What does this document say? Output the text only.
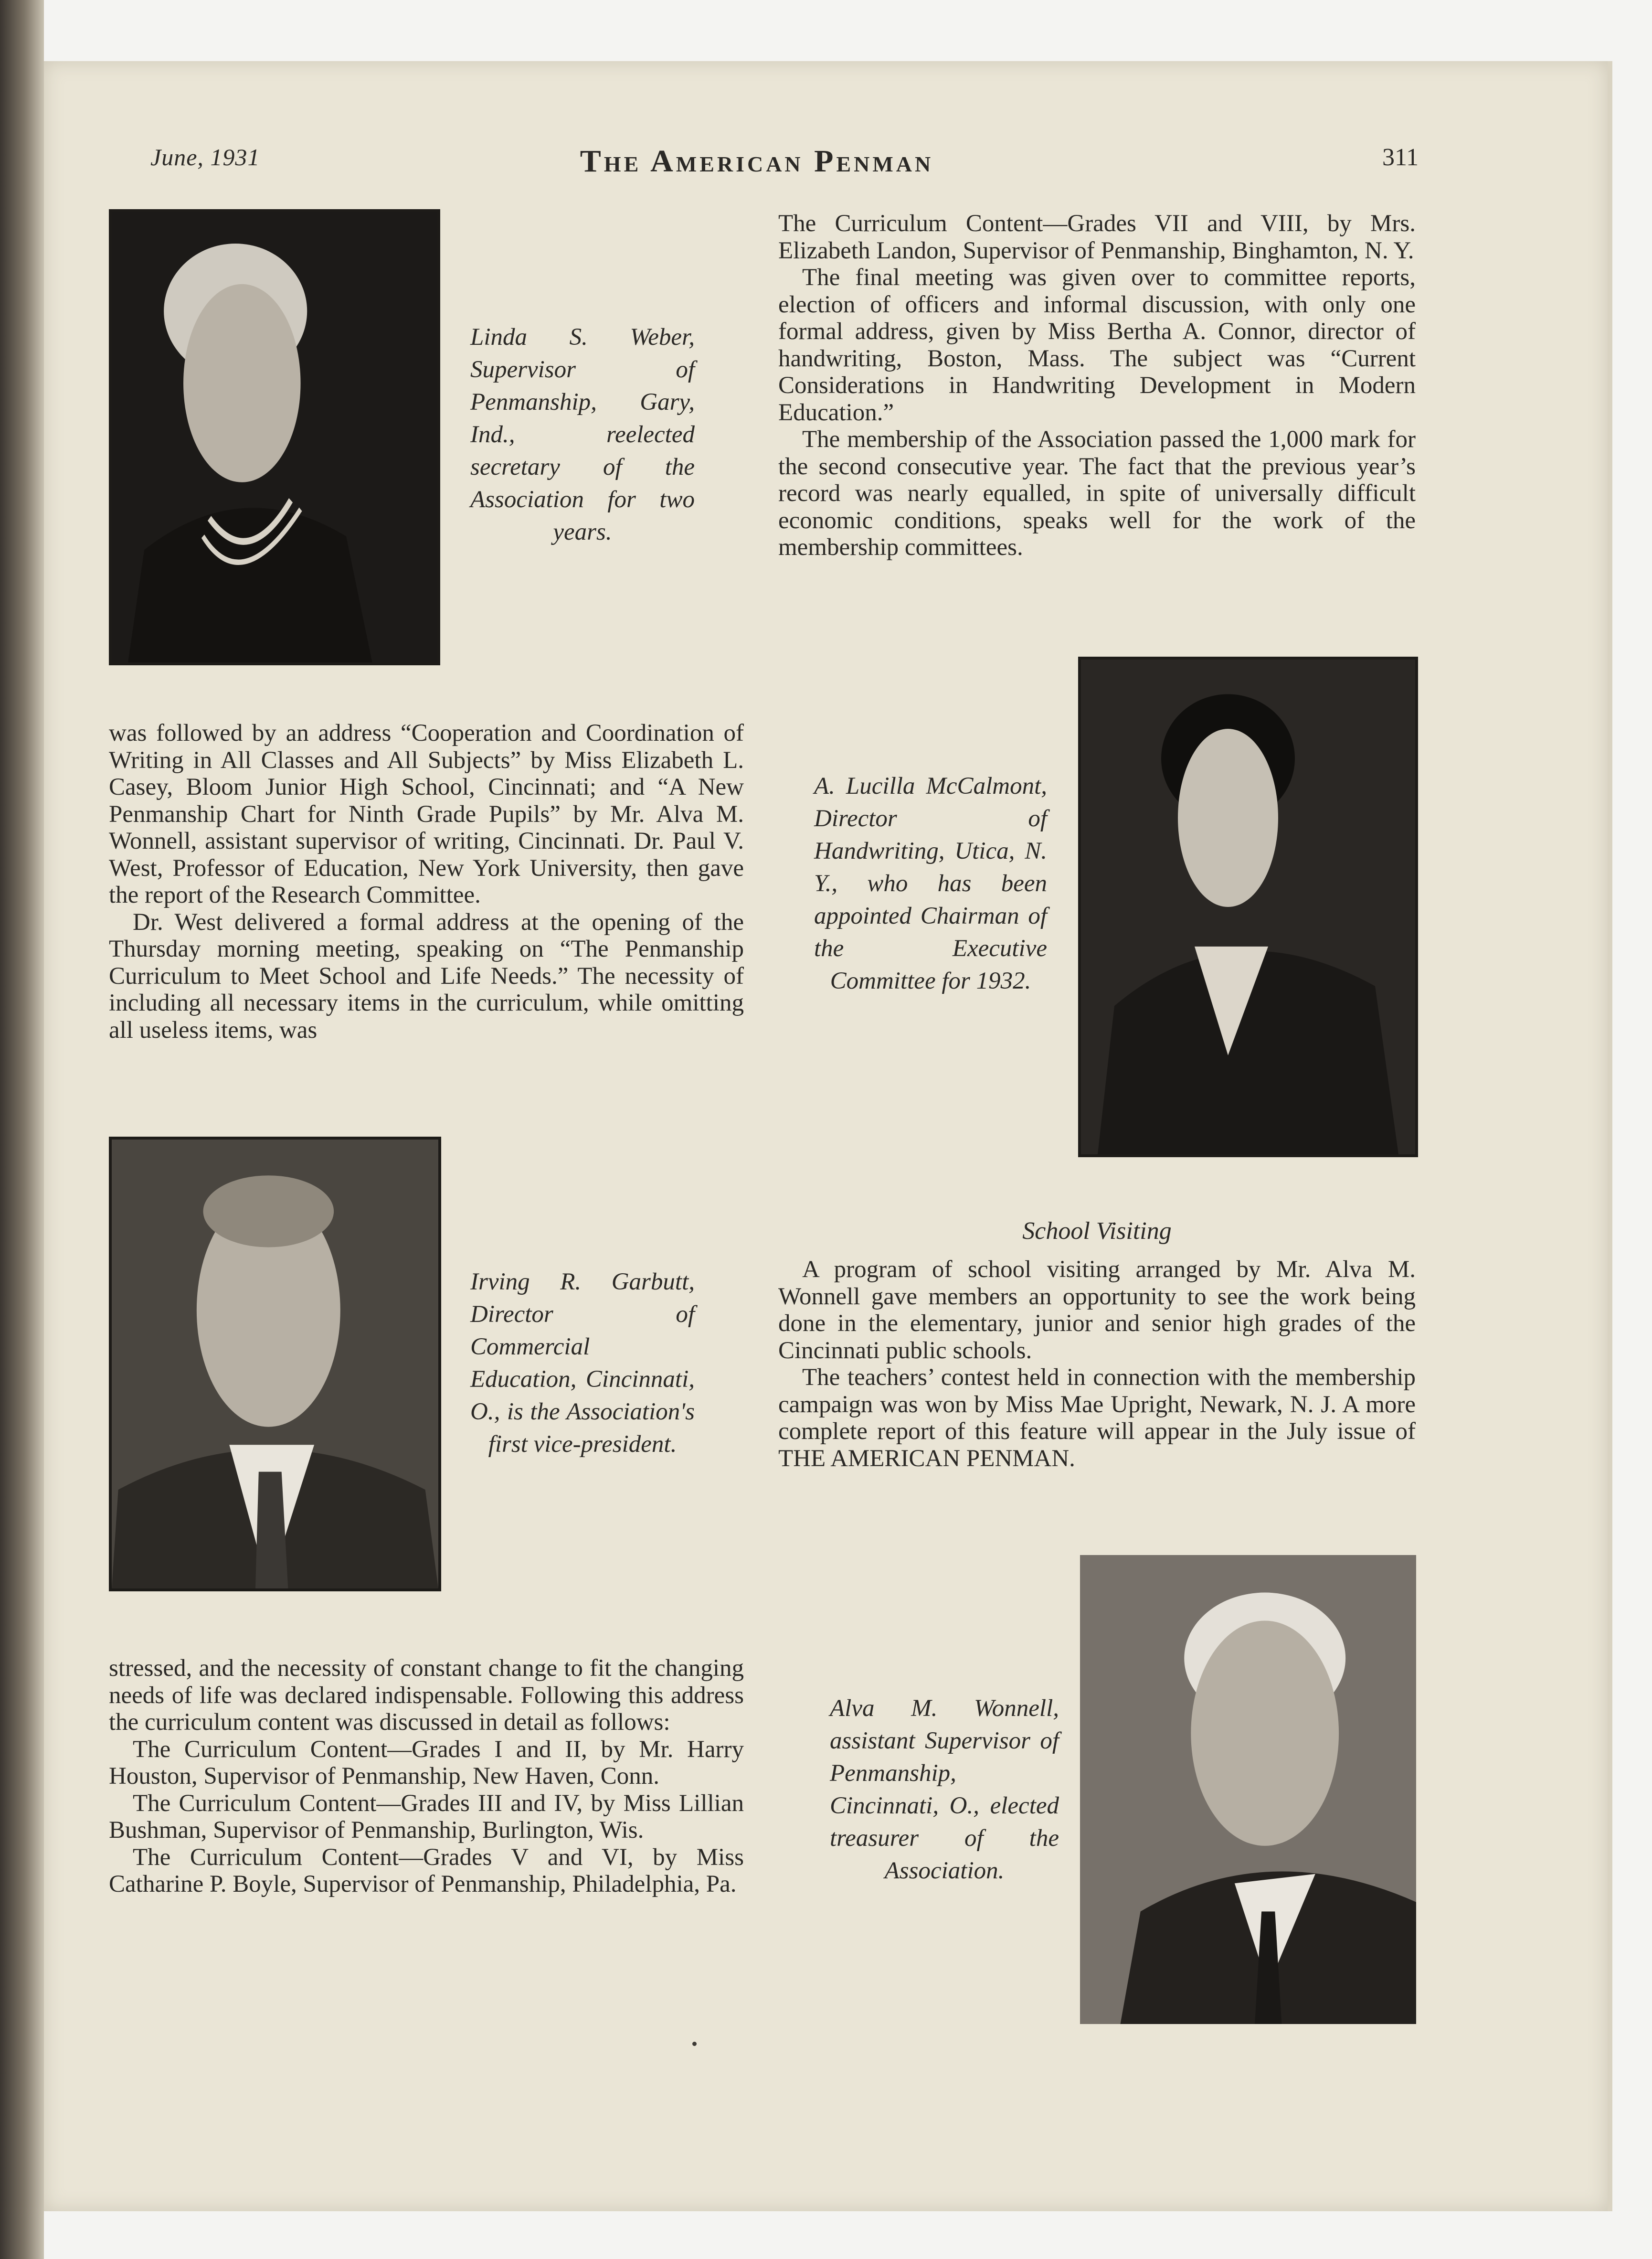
June, 1931	The American Penman	311
Linda S. Weber, Supervisor of Penmanship, Gary, Ind., reelected secretary of the Association for two years.

was followed by an address “Cooperation and Coordination of Writing in All Classes and All Subjects” by Miss Elizabeth L. Casey, Bloom Junior High School, Cincinnati; and “A New Penmanship Chart for Ninth Grade Pupils” by Mr. Alva M. Wonnell, assistant supervisor of writing, Cincinnati. Dr. Paul V. West, Professor of Education, New York University, then gave the report of the Research Committee.

Dr. West delivered a formal address at the opening of the Thursday morning meeting, speaking on “The Penmanship Curriculum to Meet School and Life Needs.” The necessity of including all necessary items in the curriculum, while omitting all useless items, was

Irving R. Garbutt, Director of Commercial Education, Cincinnati, O., is the Association's first vice-president.

stressed, and the necessity of constant change to fit the changing needs of life was declared indispensable. Following this address the curriculum content was discussed in detail as follows:

The Curriculum Content—Grades I and II, by Mr. Harry Houston, Supervisor of Penmanship, New Haven, Conn.

The Curriculum Content—Grades III and IV, by Miss Lillian Bushman, Supervisor of Penmanship, Burlington, Wis.

The Curriculum Content—Grades V and VI, by Miss Catharine P. Boyle, Supervisor of Penmanship, Philadelphia, Pa.

The Curriculum Content—Grades VII and VIII, by Mrs. Elizabeth Landon, Supervisor of Penmanship, Binghamton, N. Y.

The final meeting was given over to committee reports, election of officers and informal discussion, with only one formal address, given by Miss Bertha A. Connor, director of handwriting, Boston, Mass. The subject was “Current Considerations in Handwriting Development in Modern Education.”

The membership of the Association passed the 1,000 mark for the second consecutive year. The fact that the previous year’s record was nearly equalled, in spite of universally difficult economic conditions, speaks well for the work of the membership committees.

A. Lucilla McCalmont, Director of Handwriting, Utica, N. Y., who has been appointed Chairman of the Executive Committee for 1932.
School Visiting

A program of school visiting arranged by Mr. Alva M. Wonnell gave members an opportunity to see the work being done in the elementary, junior and senior high grades of the Cincinnati public schools.

The teachers’ contest held in connection with the membership campaign was won by Miss Mae Upright, Newark, N. J. A more complete report of this feature will appear in the July issue of THE AMERICAN PENMAN.

Alva M. Wonnell, assistant Supervisor of Penmanship, Cincinnati, O., elected treasurer of the Association.
